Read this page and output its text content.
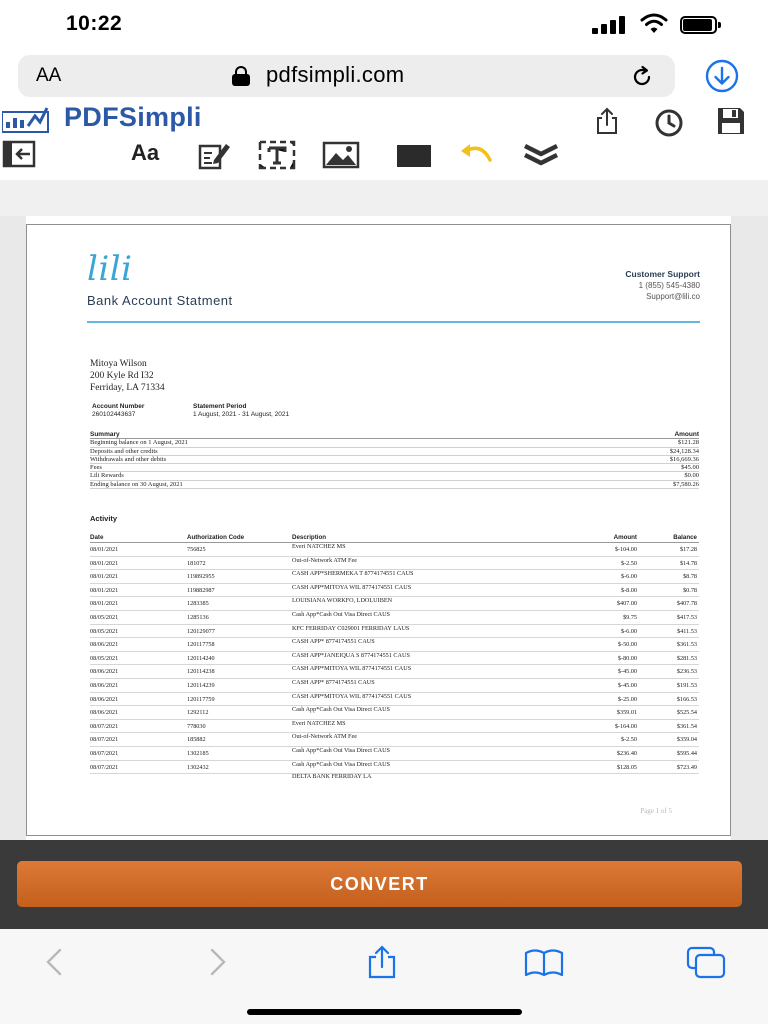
10:22
AA	pdfsimpli.com
PDFSimpli
Aa
lili
Bank Account Statment
Customer Support
1 (855) 545-4380
Support@lili.co
Mitoya Wilson
200 Kyle Rd I32
Ferriday, LA 71334
Account Number
260102443637
Statement Period
1 August, 2021 - 31 August, 2021
Summary	Amount
Beginning balance on 1 August, 2021	$121.28
Deposits and other credits	$24,128.34
Withdrawals and other debits	$16,669.36
Fees	$45.00
Lili Rewards	$0.00
Ending balance on 30 August, 2021	$7,580.26
Activity
Date	Authorization Code	Description	Amount	Balance
08/01/2021	756825	Everi NATCHEZ MS	$-104.00	$17.28
08/01/2021	181072	Out-of-Network ATM Fee	$-2.50	$14.78
08/01/2021	119892955	CASH APP*SHERMEKA T 8774174551 CAUS	$-6.00	$8.78
08/01/2021	119882987	CASH APP*MITOYA WIL 8774174551 CAUS	$-8.00	$0.78
08/01/2021	1283385	LOUISIANA WORKFO, LDOLUIBEN	$407.00	$407.78
08/05/2021	1285136	Cash App*Cash Out Visa Direct CAUS	$9.75	$417.53
08/05/2021	120129077	KFC FERRIDAY C029001 FERRIDAY LAUS	$-6.00	$411.53
08/06/2021	120117758	CASH APP* 8774174551 CAUS	$-50.00	$361.53
08/05/2021	120114240	CASH APP*JANEIQUA S 8774174551 CAUS	$-80.00	$281.53
08/06/2021	120114238	CASH APP*MITOYA WIL 8774174551 CAUS	$-45.00	$236.53
08/06/2021	120114239	CASH APP* 8774174551 CAUS	$-45.00	$191.53
08/06/2021	120117759	CASH APP*MITOYA WIL 8774174551 CAUS	$-25.00	$166.53
08/06/2021	1292112	Cash App*Cash Out Visa Direct CAUS	$359.01	$525.54
08/07/2021	778030	Everi NATCHEZ MS	$-164.00	$361.54
08/07/2021	185882	Out-of-Network ATM Fee	$-2.50	$359.04
08/07/2021	1302185	Cash App*Cash Out Visa Direct CAUS	$236.40	$595.44
08/07/2021	1302432	Cash App*Cash Out Visa Direct CAUS	$128.05	$723.49
DELTA BANK FERRIDAY LA
Page 1 of 5
CONVERT
